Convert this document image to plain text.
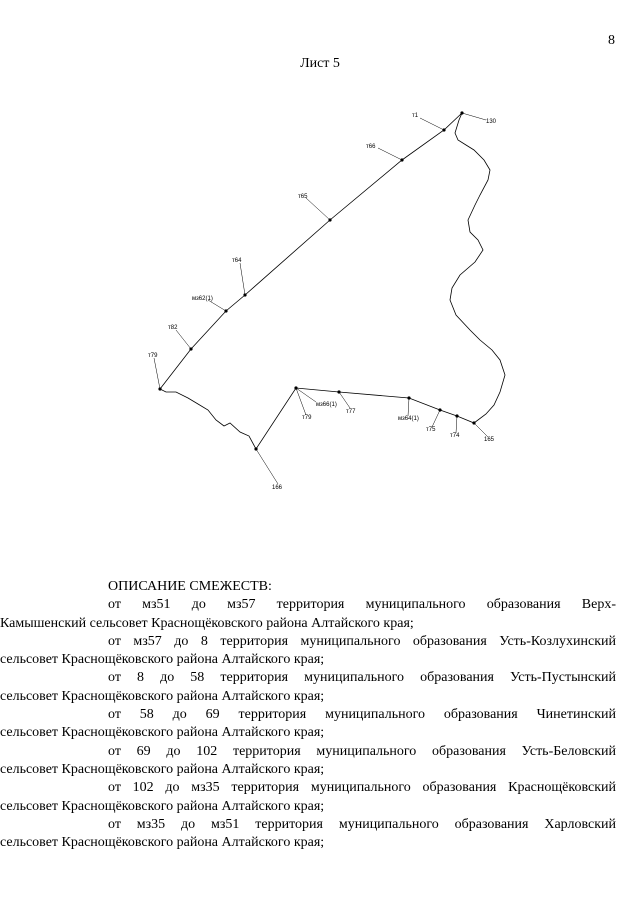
8
Лист 5
т1
130
т66
т65
т64
мз62(1)
т82
т79
165
т74
т75
мз64(1)
т77
мз66(1)
т79
166
ОПИСАНИЕ СМЕЖЕСТВ:

от мз51 до мз57 территория муниципального образования Верх-

Камышенский сельсовет Краснощёковского района Алтайского края;

от мз57 до 8 территория муниципального образования Усть-Козлухинский

сельсовет Краснощёковского района Алтайского края;

от 8 до 58 территория муниципального образования Усть-Пустынский

сельсовет Краснощёковского района Алтайского края;

от 58 до 69 территория муниципального образования Чинетинский

сельсовет Краснощёковского района Алтайского края;

от 69 до 102 территория муниципального образования Усть-Беловский

сельсовет Краснощёковского района Алтайского края;

от 102 до мз35 территория муниципального образования Краснощёковский

сельсовет Краснощёковского района Алтайского края;

от мз35 до мз51 территория муниципального образования Харловский

сельсовет Краснощёковского района Алтайского края;
